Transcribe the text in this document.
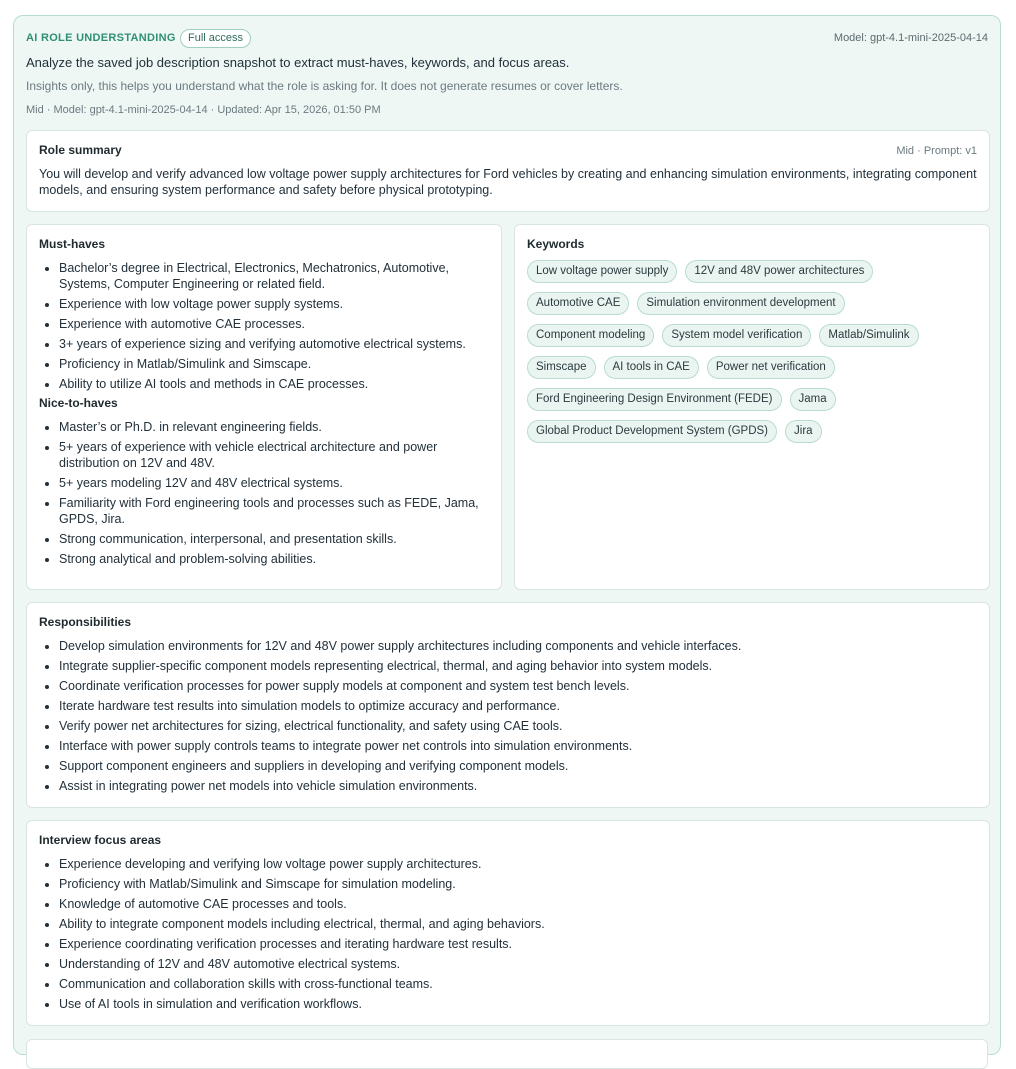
AI ROLE UNDERSTANDING	Full access	Model: gpt-4.1-mini-2025-04-14
Analyze the saved job description snapshot to extract must-haves, keywords, and focus areas.
Insights only, this helps you understand what the role is asking for. It does not generate resumes or cover letters.
Mid · Model: gpt-4.1-mini-2025-04-14 · Updated: Apr 15, 2026, 01:50 PM
Role summary	Mid · Prompt: v1

You will develop and verify advanced low voltage power supply architectures for Ford vehicles by creating and enhancing simulation environments, integrating component models, and ensuring system performance and safety before physical prototyping.

Must-haves
• Bachelor’s degree in Electrical, Electronics, Mechatronics, Automotive, Systems, Computer Engineering or related field.
• Experience with low voltage power supply systems.
• Experience with automotive CAE processes.
• 3+ years of experience sizing and verifying automotive electrical systems.
• Proficiency in Matlab/Simulink and Simscape.
• Ability to utilize AI tools and methods in CAE processes.
Nice-to-haves
• Master’s or Ph.D. in relevant engineering fields.
• 5+ years of experience with vehicle electrical architecture and power distribution on 12V and 48V.
• 5+ years modeling 12V and 48V electrical systems.
• Familiarity with Ford engineering tools and processes such as FEDE, Jama, GPDS, Jira.
• Strong communication, interpersonal, and presentation skills.
• Strong analytical and problem-solving abilities.
Keywords
Low voltage power supply	12V and 48V power architectures
Automotive CAE	Simulation environment development
Component modeling	System model verification	Matlab/Simulink
Simscape	AI tools in CAE	Power net verification
Ford Engineering Design Environment (FEDE)	Jama
Global Product Development System (GPDS)	Jira
Responsibilities
• Develop simulation environments for 12V and 48V power supply architectures including components and vehicle interfaces.
• Integrate supplier-specific component models representing electrical, thermal, and aging behavior into system models.
• Coordinate verification processes for power supply models at component and system test bench levels.
• Iterate hardware test results into simulation models to optimize accuracy and performance.
• Verify power net architectures for sizing, electrical functionality, and safety using CAE tools.
• Interface with power supply controls teams to integrate power net controls into simulation environments.
• Support component engineers and suppliers in developing and verifying component models.
• Assist in integrating power net models into vehicle simulation environments.
Interview focus areas
• Experience developing and verifying low voltage power supply architectures.
• Proficiency with Matlab/Simulink and Simscape for simulation modeling.
• Knowledge of automotive CAE processes and tools.
• Ability to integrate component models including electrical, thermal, and aging behaviors.
• Experience coordinating verification processes and iterating hardware test results.
• Understanding of 12V and 48V automotive electrical systems.
• Communication and collaboration skills with cross-functional teams.
• Use of AI tools in simulation and verification workflows.
